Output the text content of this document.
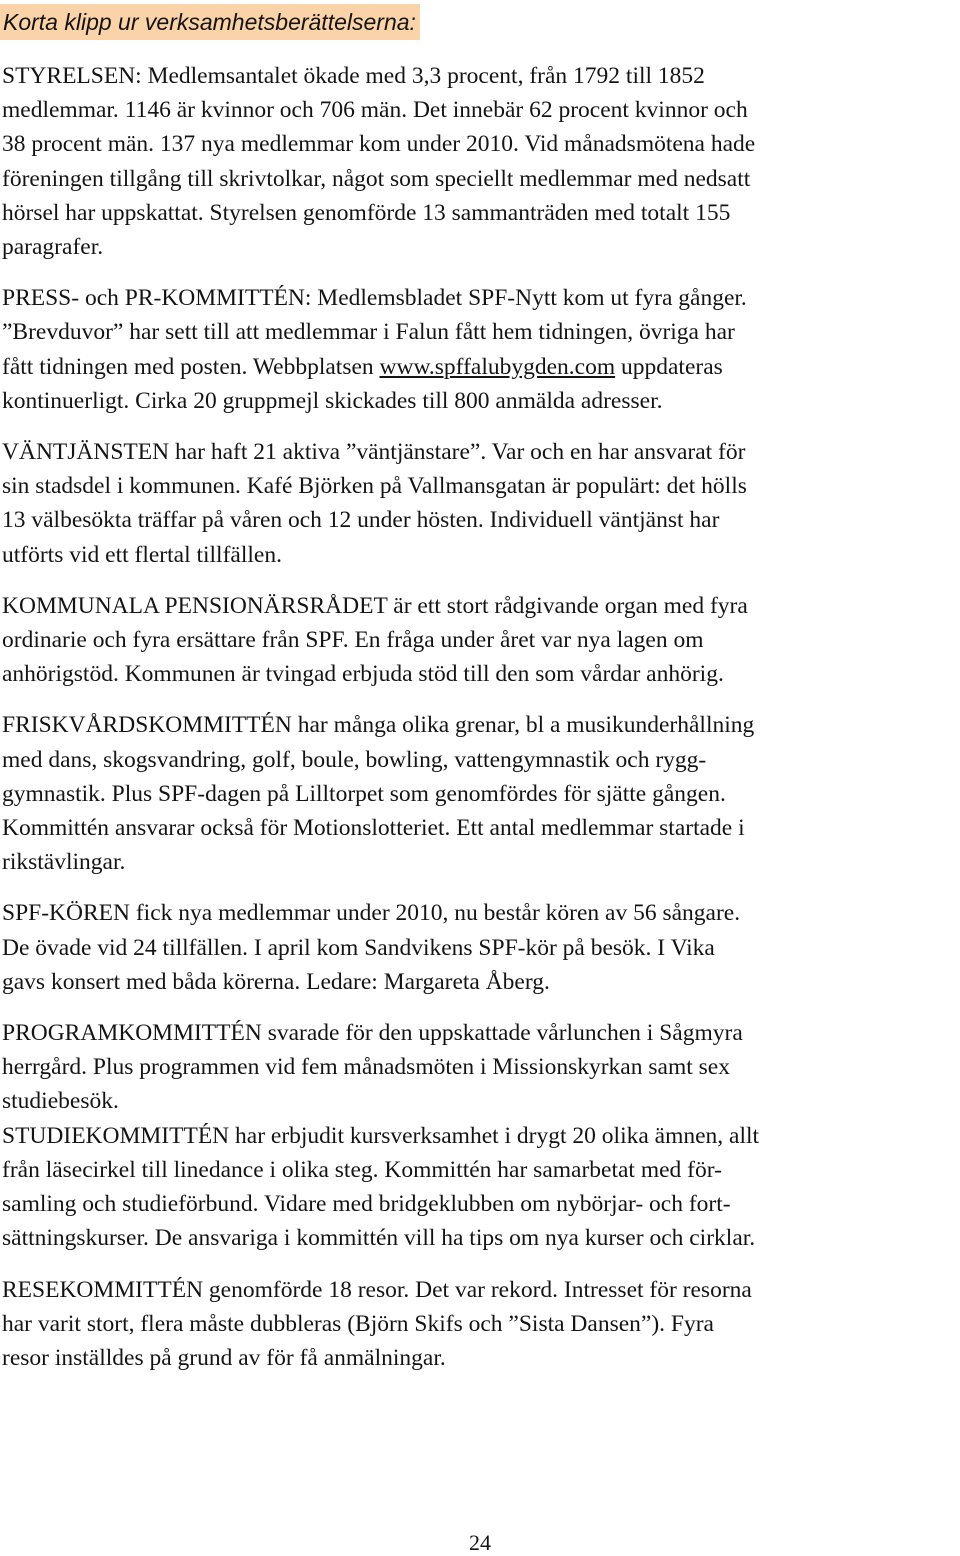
Korta klipp ur verksamhetsberättelserna:

STYRELSEN: Medlemsantalet ökade med 3,3 procent, från 1792 till 1852
medlemmar. 1146 är kvinnor och 706 män. Det innebär 62 procent kvinnor och
38 procent män. 137 nya medlemmar kom under 2010. Vid månadsmötena hade
föreningen tillgång till skrivtolkar, något som speciellt medlemmar med nedsatt
hörsel har uppskattat. Styrelsen genomförde 13 sammanträden med totalt 155
paragrafer.

PRESS- och PR-KOMMITTÉN: Medlemsbladet SPF-Nytt kom ut fyra gånger.
”Brevduvor” har sett till att medlemmar i Falun fått hem tidningen, övriga har
fått tidningen med posten. Webbplatsen www.spffalubygden.com uppdateras
kontinuerligt. Cirka 20 gruppmejl skickades till 800 anmälda adresser.

VÄNTJÄNSTEN har haft 21 aktiva ”väntjänstare”. Var och en har ansvarat för
sin stadsdel i kommunen. Kafé Björken på Vallmansgatan är populärt: det hölls
13 välbesökta träffar på våren och 12 under hösten. Individuell väntjänst har
utförts vid ett flertal tillfällen.

KOMMUNALA PENSIONÄRSRÅDET är ett stort rådgivande organ med fyra
ordinarie och fyra ersättare från SPF. En fråga under året var nya lagen om
anhörigstöd. Kommunen är tvingad erbjuda stöd till den som vårdar anhörig.

FRISKVÅRDSKOMMITTÉN har många olika grenar, bl a musikunderhållning
med dans, skogsvandring, golf, boule, bowling, vattengymnastik och rygg-
gymnastik. Plus SPF-dagen på Lilltorpet som genomfördes för sjätte gången.
Kommittén ansvarar också för Motionslotteriet. Ett antal medlemmar startade i
rikstävlingar.

SPF-KÖREN fick nya medlemmar under 2010, nu består kören av 56 sångare.
De övade vid 24 tillfällen. I april kom Sandvikens SPF-kör på besök. I Vika
gavs konsert med båda körerna. Ledare: Margareta Åberg.

PROGRAMKOMMITTÉN svarade för den uppskattade vårlunchen i Sågmyra
herrgård. Plus programmen vid fem månadsmöten i Missionskyrkan samt sex
studiebesök.

STUDIEKOMMITTÉN har erbjudit kursverksamhet i drygt 20 olika ämnen, allt
från läsecirkel till linedance i olika steg. Kommittén har samarbetat med för-
samling och studieförbund. Vidare med bridgeklubben om nybörjar- och fort-
sättningskurser. De ansvariga i kommittén vill ha tips om nya kurser och cirklar.

RESEKOMMITTÉN genomförde 18 resor. Det var rekord. Intresset för resorna
har varit stort, flera måste dubbleras (Björn Skifs och ”Sista Dansen”). Fyra
resor inställdes på grund av för få anmälningar.

24
